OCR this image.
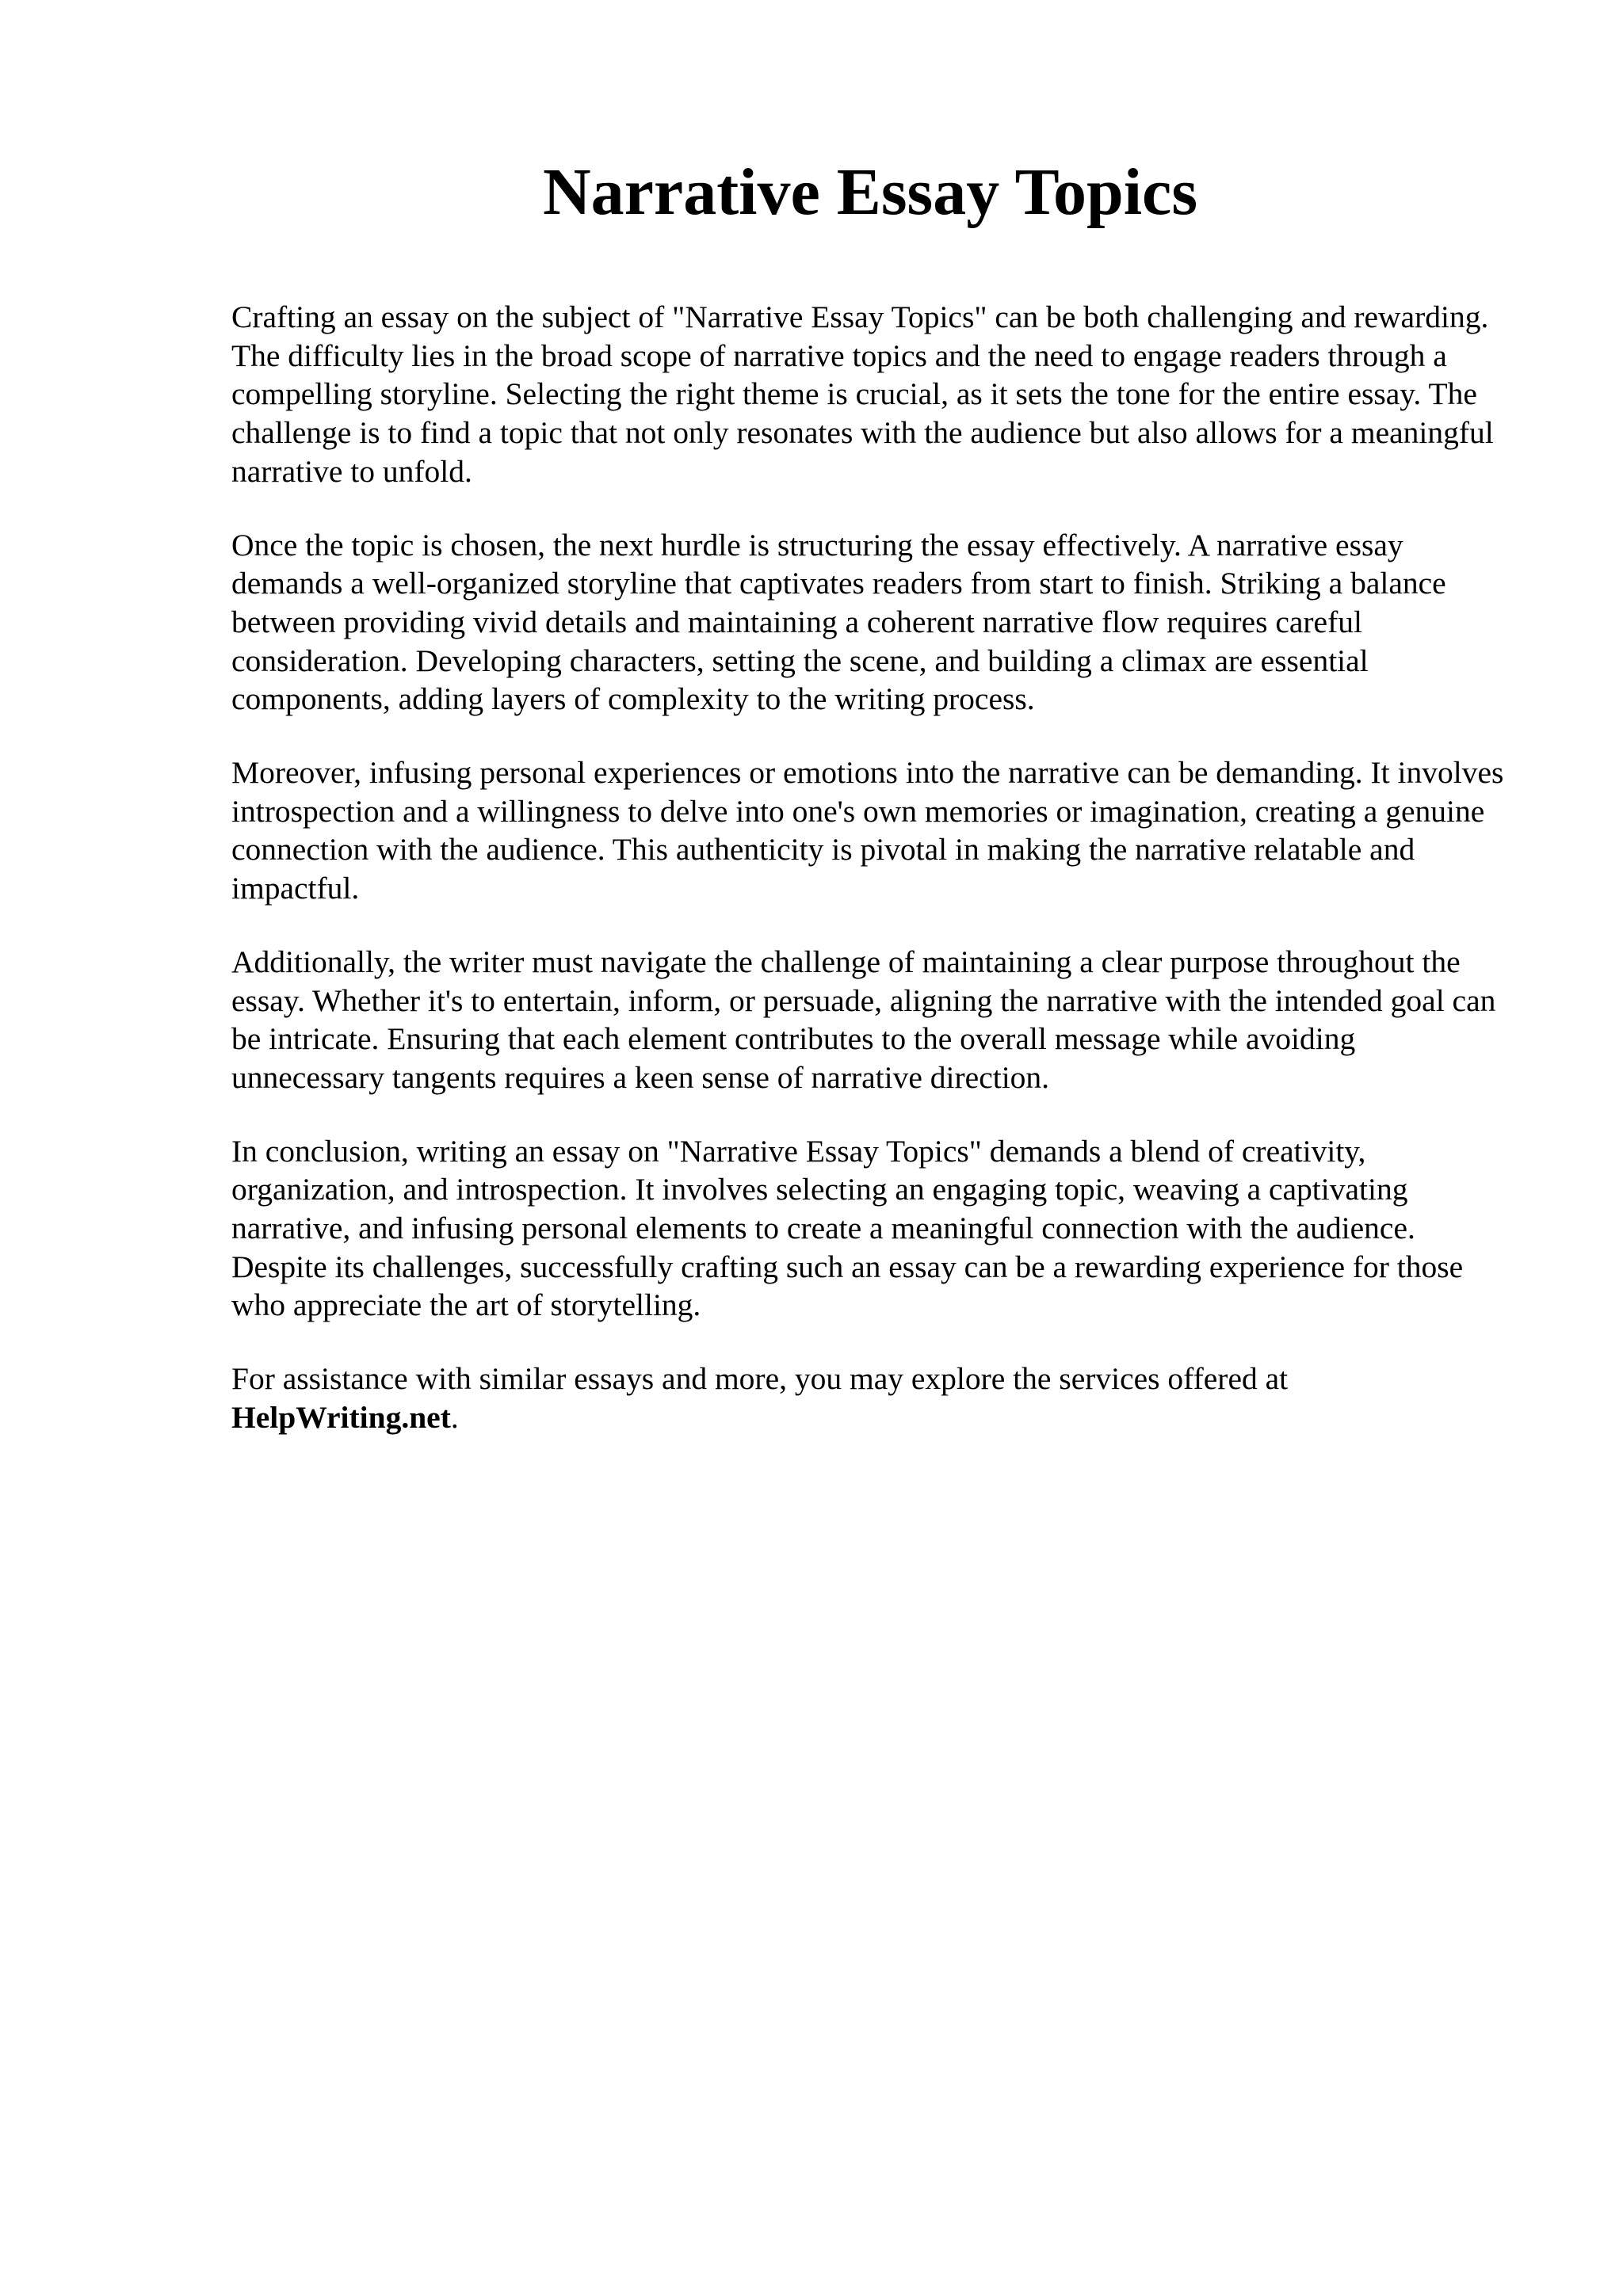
Narrative Essay Topics

Crafting an essay on the subject of "Narrative Essay Topics" can be both challenging and rewarding. The difficulty lies in the broad scope of narrative topics and the need to engage readers through a compelling storyline. Selecting the right theme is crucial, as it sets the tone for the entire essay. The challenge is to find a topic that not only resonates with the audience but also allows for a meaningful narrative to unfold.

Once the topic is chosen, the next hurdle is structuring the essay effectively. A narrative essay demands a well-organized storyline that captivates readers from start to finish. Striking a balance between providing vivid details and maintaining a coherent narrative flow requires careful consideration. Developing characters, setting the scene, and building a climax are essential components, adding layers of complexity to the writing process.

Moreover, infusing personal experiences or emotions into the narrative can be demanding. It involves introspection and a willingness to delve into one's own memories or imagination, creating a genuine connection with the audience. This authenticity is pivotal in making the narrative relatable and impactful.

Additionally, the writer must navigate the challenge of maintaining a clear purpose throughout the essay. Whether it's to entertain, inform, or persuade, aligning the narrative with the intended goal can be intricate. Ensuring that each element contributes to the overall message while avoiding unnecessary tangents requires a keen sense of narrative direction.

In conclusion, writing an essay on "Narrative Essay Topics" demands a blend of creativity, organization, and introspection. It involves selecting an engaging topic, weaving a captivating narrative, and infusing personal elements to create a meaningful connection with the audience. Despite its challenges, successfully crafting such an essay can be a rewarding experience for those who appreciate the art of storytelling.

For assistance with similar essays and more, you may explore the services offered at HelpWriting.net.
